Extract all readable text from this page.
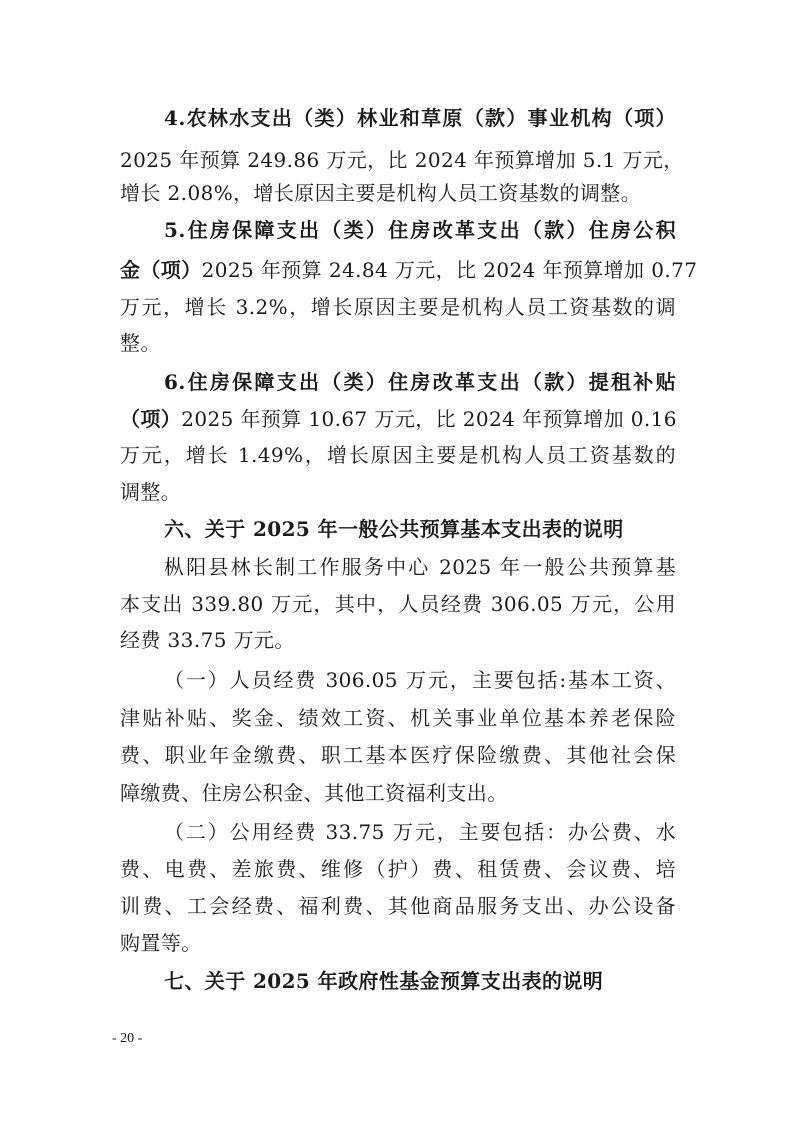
4.农林水支出（类）林业和草原（款）事业机构（项）
2025 年预算 249.86 万元，比 2024 年预算增加 5.1 万元，
增长 2.08%，增长原因主要是机构人员工资基数的调整。
5.住房保障支出（类）住房改革支出（款）住房公积
金（项）2025 年预算 24.84 万元，比 2024 年预算增加 0.77
万元，增长 3.2%，增长原因主要是机构人员工资基数的调
整。
6.住房保障支出（类）住房改革支出（款）提租补贴
（项）2025 年预算 10.67 万元，比 2024 年预算增加 0.16
万元，增长 1.49%，增长原因主要是机构人员工资基数的
调整。
六、关于 2025 年一般公共预算基本支出表的说明
枞阳县林长制工作服务中心 2025 年一般公共预算基
本支出 339.80 万元，其中，人员经费 306.05 万元，公用
经费 33.75 万元。
（一）人员经费 306.05 万元，主要包括:基本工资、
津贴补贴、奖金、绩效工资、机关事业单位基本养老保险
费、职业年金缴费、职工基本医疗保险缴费、其他社会保
障缴费、住房公积金、其他工资福利支出。
（二）公用经费 33.75 万元，主要包括：办公费、水
费、电费、差旅费、维修（护）费、租赁费、会议费、培
训费、工会经费、福利费、其他商品服务支出、办公设备
购置等。
七、关于 2025 年政府性基金预算支出表的说明
- 20 -
